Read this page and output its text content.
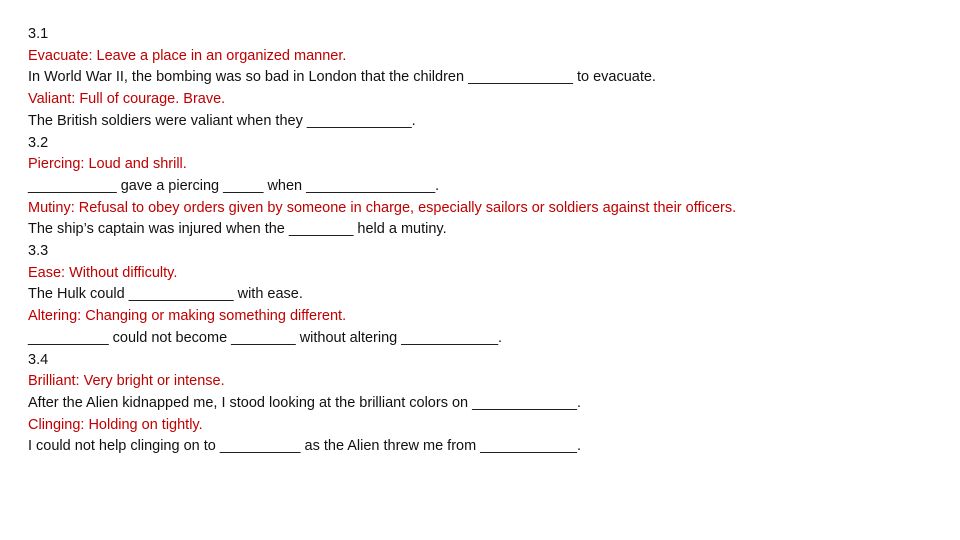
3.1

Evacuate: Leave a place in an organized manner.

In World War II, the bombing was so bad in London that the children _____________ to evacuate.

Valiant: Full of courage. Brave.

The British soldiers were valiant when they _____________.

3.2

Piercing: Loud and shrill.

___________ gave a piercing _____ when ________________.

Mutiny: Refusal to obey orders given by someone in charge, especially sailors or soldiers against their officers.

The ship’s captain was injured when the ________ held a mutiny.

3.3

Ease: Without difficulty.

The Hulk could _____________ with ease.

Altering: Changing or making something different.

__________ could not become ________ without altering ____________.

3.4

Brilliant: Very bright or intense.

After the Alien kidnapped me, I stood looking at the brilliant colors on _____________.

Clinging: Holding on tightly.

I could not help clinging on to __________ as the Alien threw me from ____________.
